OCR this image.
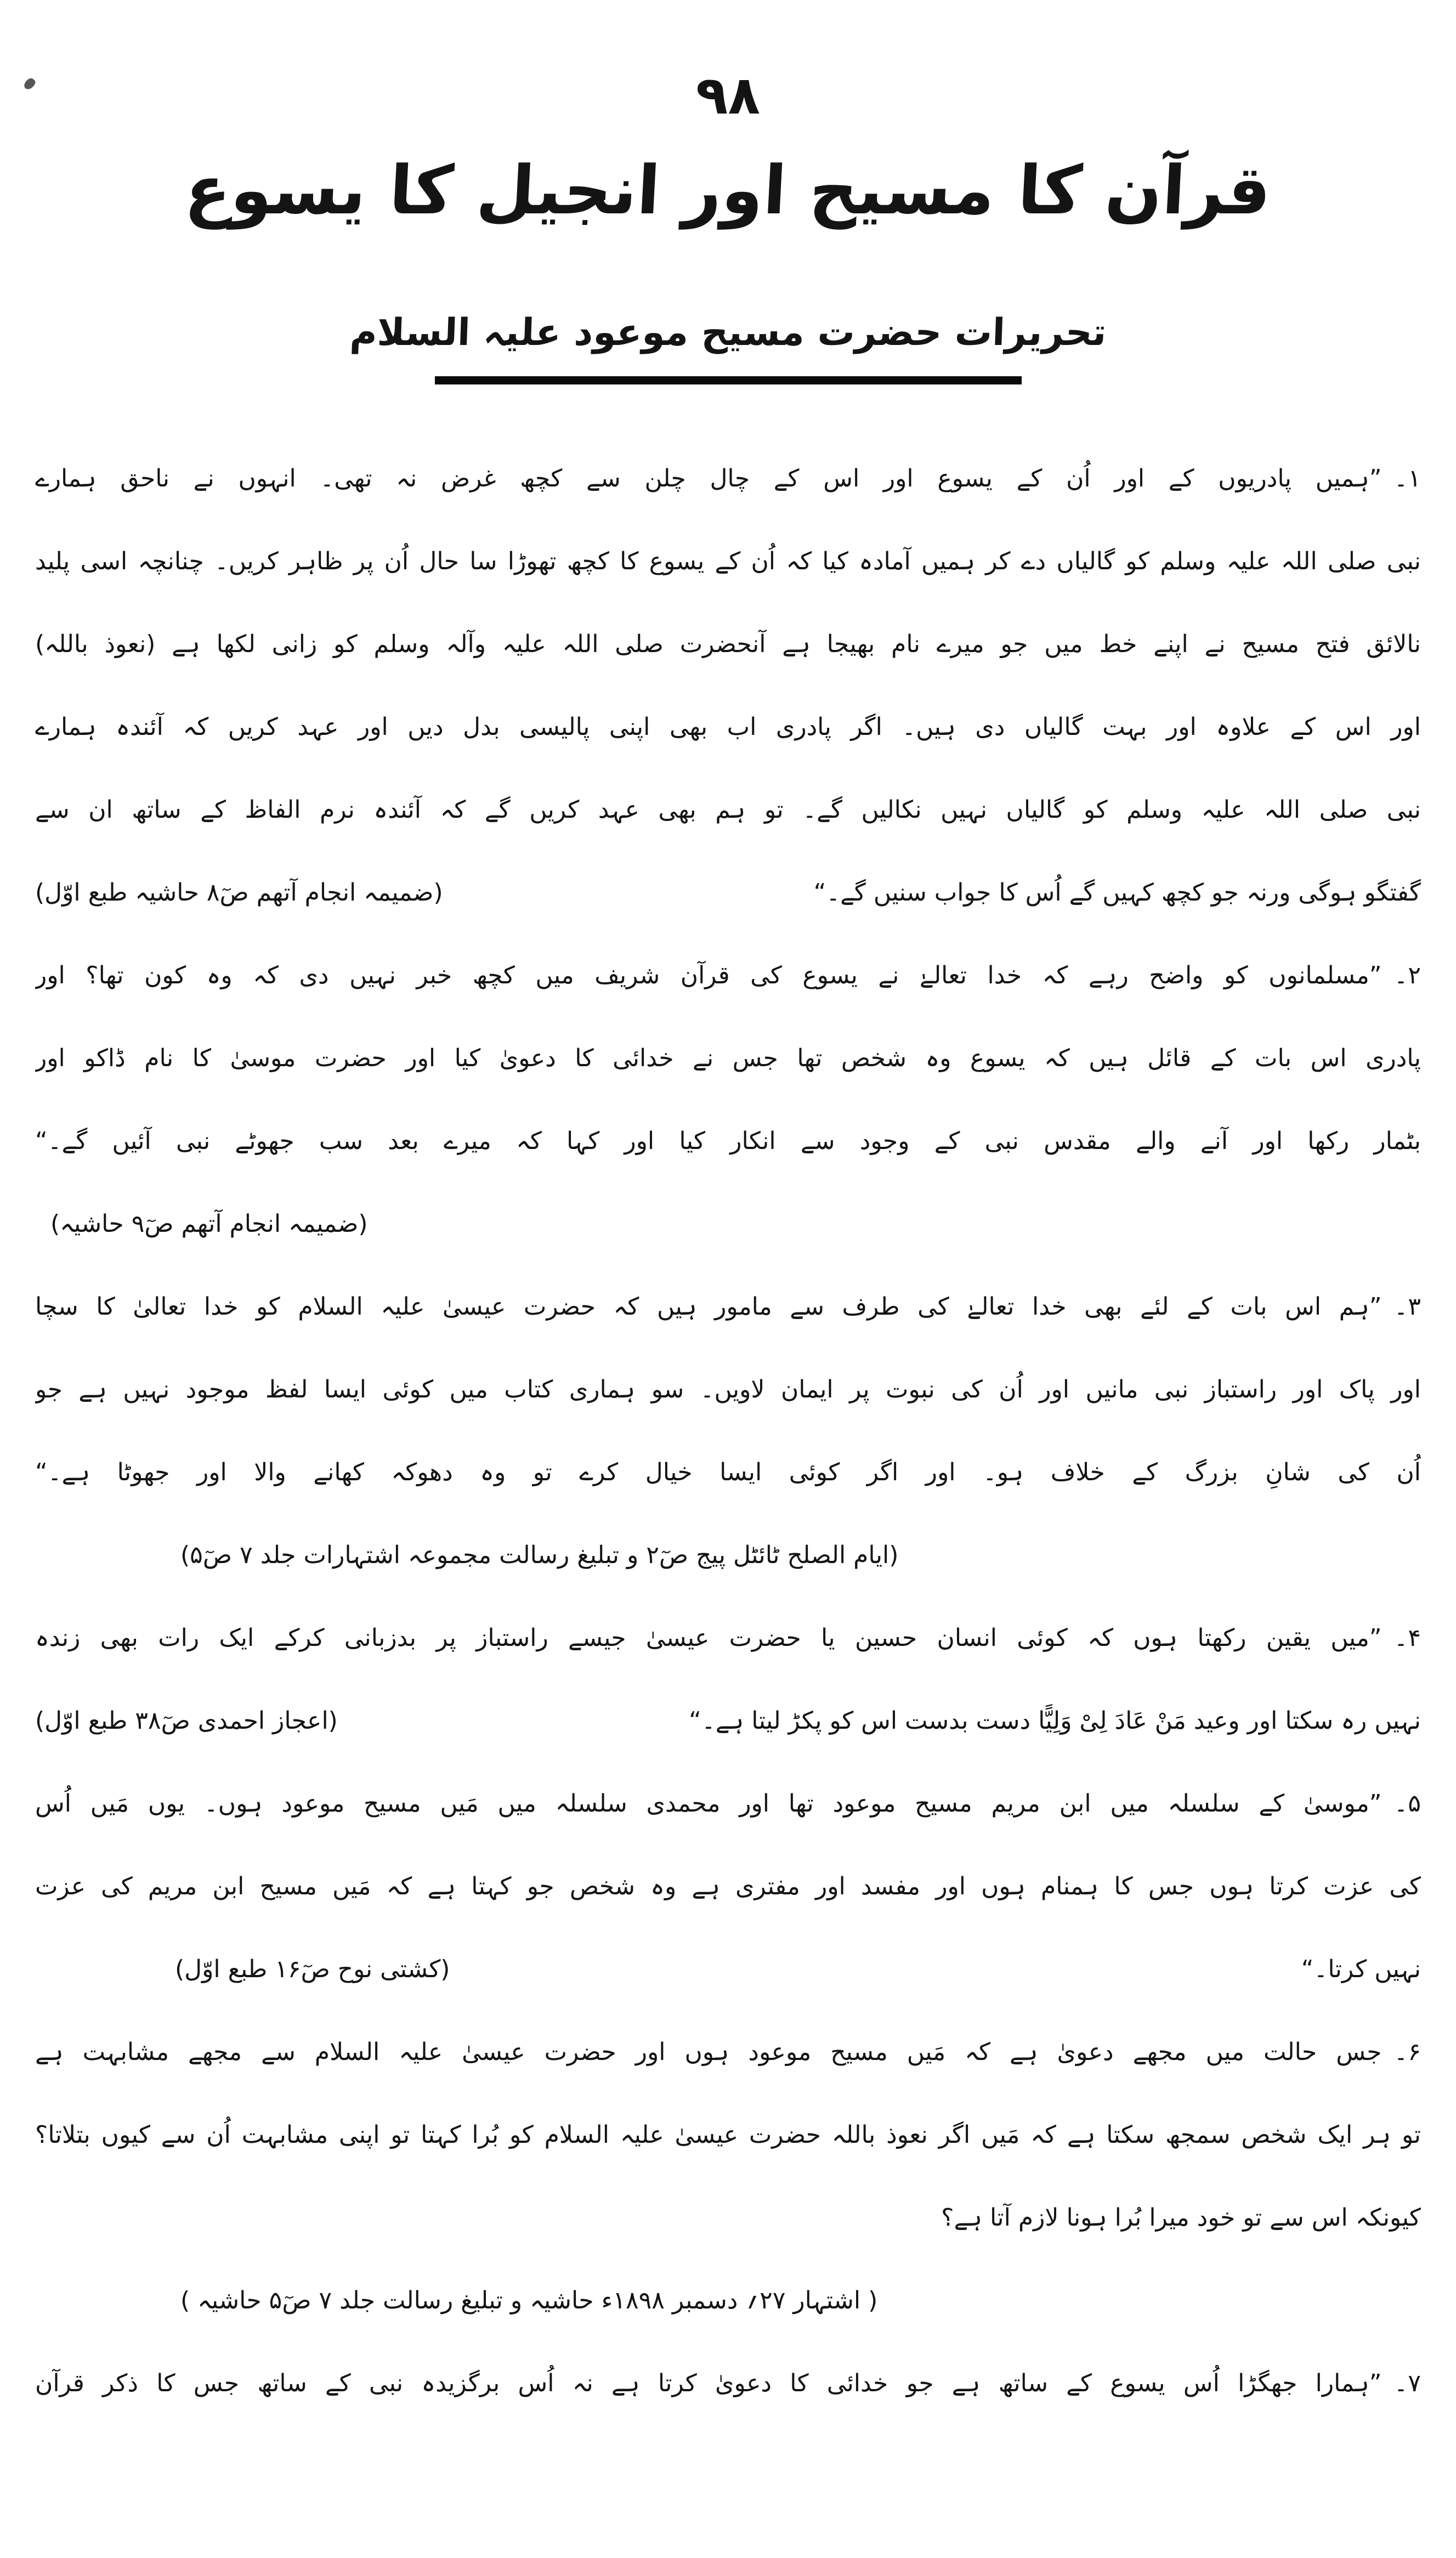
٩٨
قرآن کا مسیح اور انجیل کا یسوع
تحریرات حضرت مسیح موعود علیہ السلام
۱۔”ہمیں پادریوں کے اور اُن کے یسوع اور اس کے چال چلن سے کچھ غرض نہ تھی۔ انہوں نے ناحق ہمارے
نبی صلی اللہ علیہ وسلم کو گالیاں دے کر ہمیں آمادہ کیا کہ اُن کے یسوع کا کچھ تھوڑا سا حال اُن پر ظاہر کریں۔ چنانچہ اسی پلید
نالائق فتح مسیح نے اپنے خط میں جو میرے نام بھیجا ہے آنحضرت صلی اللہ علیہ وآلہ وسلم کو زانی لکھا ہے (نعوذ باللہ)
اور اس کے علاوہ اور بہت گالیاں دی ہیں۔ اگر پادری اب بھی اپنی پالیسی بدل دیں اور عہد کریں کہ آئندہ ہمارے
نبی صلی اللہ علیہ وسلم کو گالیاں نہیں نکالیں گے۔ تو ہم بھی عہد کریں گے کہ آئندہ نرم الفاظ کے ساتھ ان سے
گفتگو ہوگی ورنہ جو کچھ کہیں گے اُس کا جواب سنیں گے۔“
(ضمیمہ انجام آتھم صٓ۸ حاشیہ طبع اوّل)
۲۔”مسلمانوں کو واضح رہے کہ خدا تعالےٰ نے یسوع کی قرآن شریف میں کچھ خبر نہیں دی کہ وہ کون تھا؟ اور
پادری اس بات کے قائل ہیں کہ یسوع وہ شخص تھا جس نے خدائی کا دعویٰ کیا اور حضرت موسیٰ کا نام ڈاکو اور
بٹمار رکھا اور آنے والے مقدس نبی کے وجود سے انکار کیا اور کہا کہ میرے بعد سب جھوٹے نبی آئیں گے۔“
(ضمیمہ انجام آتھم صٓ۹ حاشیہ)
۳۔”ہم اس بات کے لئے بھی خدا تعالےٰ کی طرف سے مامور ہیں کہ حضرت عیسیٰ علیہ السلام کو خدا تعالیٰ کا سچا
اور پاک اور راستباز نبی مانیں اور اُن کی نبوت پر ایمان لاویں۔ سو ہماری کتاب میں کوئی ایسا لفظ موجود نہیں ہے جو
اُن کی شانِ بزرگ کے خلاف ہو۔ اور اگر کوئی ایسا خیال کرے تو وہ دھوکہ کھانے والا اور جھوٹا ہے۔“
(ایام الصلح ٹائٹل پیج صٓ۲ و تبلیغ رسالت مجموعہ اشتہارات جلد ۷ صٓ۵)
۴۔”میں یقین رکھتا ہوں کہ کوئی انسان حسین یا حضرت عیسیٰ جیسے راستباز پر بدزبانی کرکے ایک رات بھی زندہ
نہیں رہ سکتا اور وعید مَنْ عَادَ لِیْ وَلِیًّا دست بدست اس کو پکڑ لیتا ہے۔“
(اعجاز احمدی صٓ۳۸ طبع اوّل)
۵۔”موسیٰ کے سلسلہ میں ابن مریم مسیح موعود تھا اور محمدی سلسلہ میں مَیں مسیح موعود ہوں۔ یوں مَیں اُس
کی عزت کرتا ہوں جس کا ہمنام ہوں اور مفسد اور مفتری ہے وہ شخص جو کہتا ہے کہ مَیں مسیح ابن مریم کی عزت
نہیں کرتا۔“
(کشتی نوح صٓ۱۶ طبع اوّل)
۶۔جس حالت میں مجھے دعویٰ ہے کہ مَیں مسیح موعود ہوں اور حضرت عیسیٰ علیہ السلام سے مجھے مشابہت ہے
تو ہر ایک شخص سمجھ سکتا ہے کہ مَیں اگر نعوذ باللہ حضرت عیسیٰ علیہ السلام کو بُرا کہتا تو اپنی مشابہت اُن سے کیوں بتلاتا؟
کیونکہ اس سے تو خود میرا بُرا ہونا لازم آتا ہے؟
( اشتہار ۲۷؍ دسمبر ۱۸۹۸ء حاشیہ و تبلیغ رسالت جلد ۷ صٓ۵ حاشیہ )
۷۔”ہمارا جھگڑا اُس یسوع کے ساتھ ہے جو خدائی کا دعویٰ کرتا ہے نہ اُس برگزیدہ نبی کے ساتھ جس کا ذکر قرآن
